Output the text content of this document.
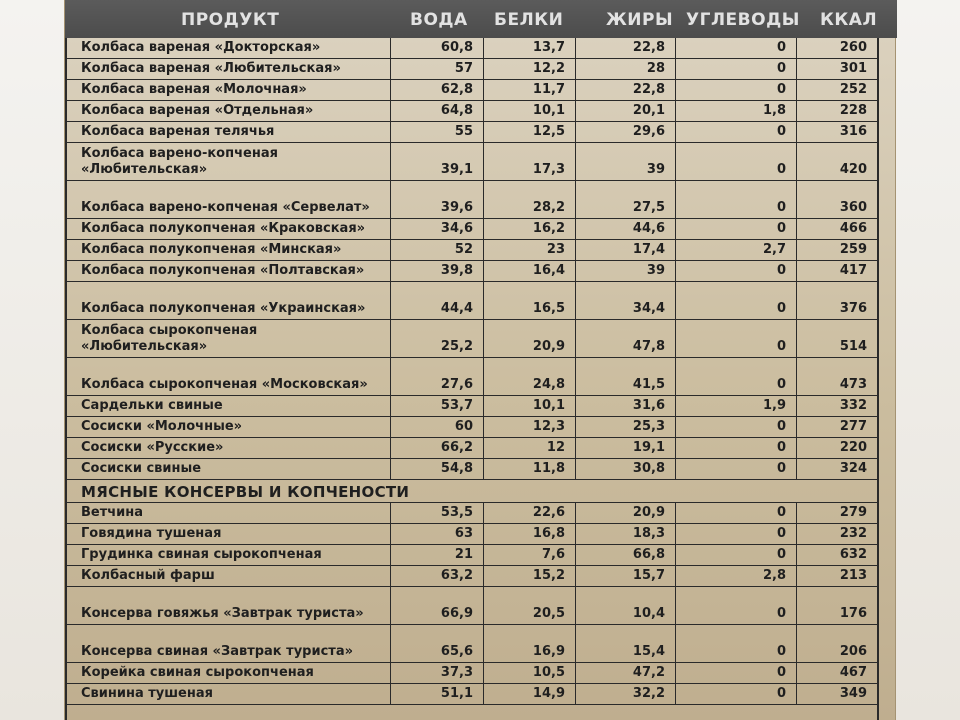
ПРОДУКТ	ВОДА БЕЛКИ	ЖИРЫ УГЛЕВОДЫ ККАЛ
Колбаса вареная «Докторская»	60,8	13,7	22,8	0	260
Колбаса вареная «Любительская»	57	12,2	28	0	301
Колбаса вареная «Молочная»	62,8	11,7	22,8	0	252
Колбаса вареная «Отдельная»	64,8	10,1	20,1	1,8	228
Колбаса вареная телячья	55	12,5	29,6	0	316
Колбаса варено-копченая «Любительская»	39,1	17,3	39	0	420
Колбаса варено-копченая «Сервелат»	39,6	28,2	27,5	0	360
Колбаса полукопченая «Краковская»	34,6	16,2	44,6	0	466
Колбаса полукопченая «Минская»	52	23	17,4	2,7	259
Колбаса полукопченая «Полтавская»	39,8	16,4	39	0	417
Колбаса полукопченая «Украинская»	44,4	16,5	34,4	0	376
Колбаса сырокопченая «Любительская»	25,2	20,9	47,8	0	514
Колбаса сырокопченая «Московская»	27,6	24,8	41,5	0	473
Сардельки свиные	53,7	10,1	31,6	1,9	332
Сосиски «Молочные»	60	12,3	25,3	0	277
Сосиски «Русские»	66,2	12	19,1	0	220
Сосиски свиные	54,8	11,8	30,8	0	324
МЯСНЫЕ КОНСЕРВЫ И КОПЧЕНОСТИ
Ветчина	53,5	22,6	20,9	0	279
Говядина тушеная	63	16,8	18,3	0	232
Грудинка свиная сырокопченая	21	7,6	66,8	0	632
Колбасный фарш	63,2	15,2	15,7	2,8	213
Консерва говяжья «Завтрак туриста»	66,9	20,5	10,4	0	176
Консерва свиная «Завтрак туриста»	65,6	16,9	15,4	0	206
Корейка свиная сырокопченая	37,3	10,5	47,2	0	467
Свинина тушеная	51,1	14,9	32,2	0	349
